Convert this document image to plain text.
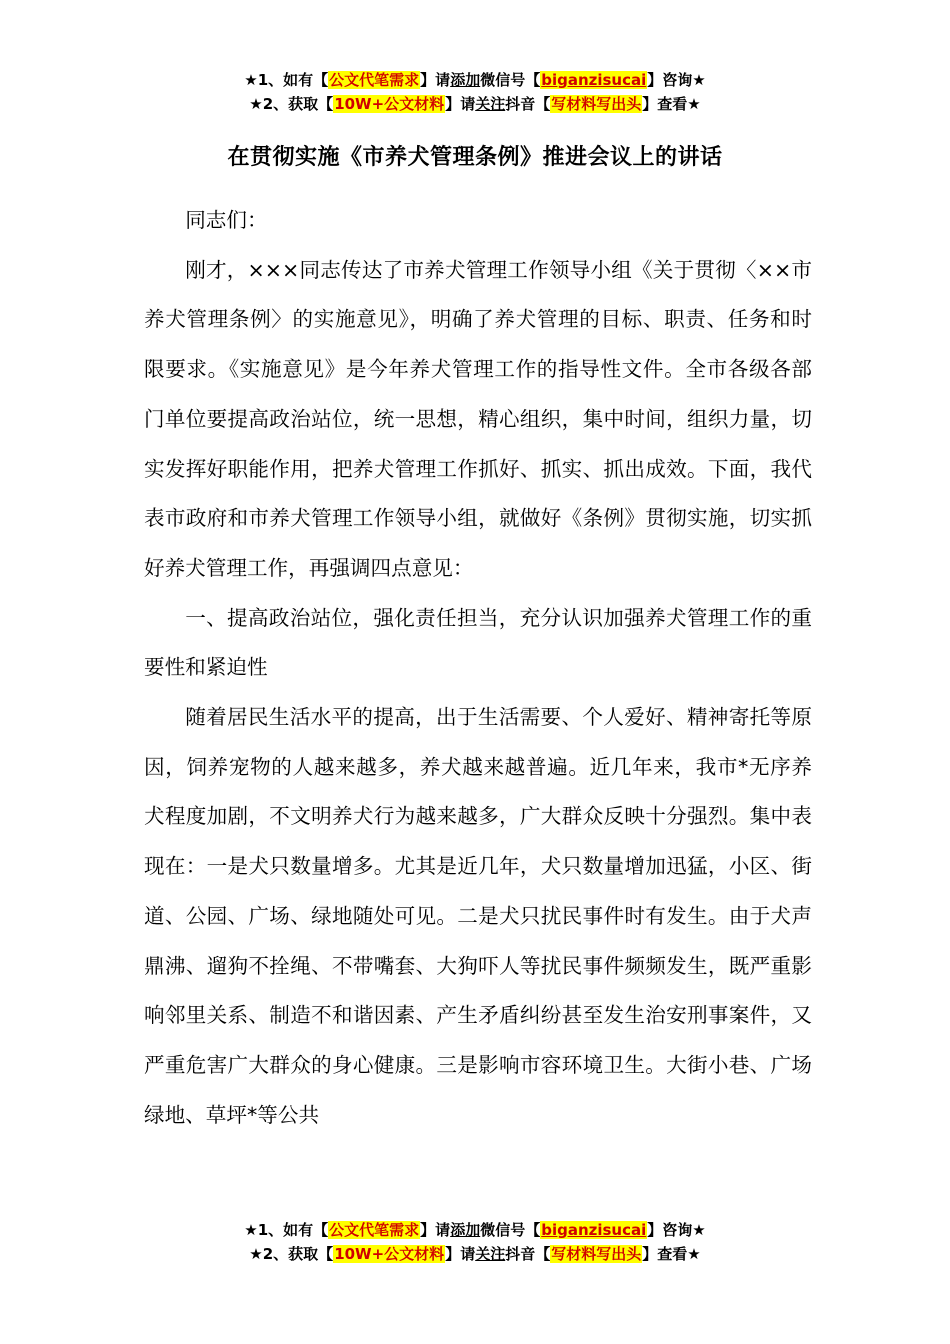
★1、如有【公文代笔需求】请添加微信号【biganzisucai】咨询★
★2、获取【10W+公文材料】请关注抖音【写材料写出头】查看★
在贯彻实施《市养犬管理条例》推进会议上的讲话

同志们：

刚才，×××同志传达了市养犬管理工作领导小组《关于贯彻〈××市养犬管理条例〉的实施意见》，明确了养犬管理的目标、职责、任务和时限要求。《实施意见》是今年养犬管理工作的指导性文件。全市各级各部门单位要提高政治站位，统一思想，精心组织，集中时间，组织力量，切实发挥好职能作用，把养犬管理工作抓好、抓实、抓出成效。下面，我代表市政府和市养犬管理工作领导小组，就做好《条例》贯彻实施，切实抓好养犬管理工作，再强调四点意见：

一、提高政治站位，强化责任担当，充分认识加强养犬管理工作的重要性和紧迫性

随着居民生活水平的提高，出于生活需要、个人爱好、精神寄托等原因，饲养宠物的人越来越多，养犬越来越普遍。近几年来，我市*无序养犬程度加剧，不文明养犬行为越来越多，广大群众反映十分强烈。集中表现在：一是犬只数量增多。尤其是近几年，犬只数量增加迅猛，小区、街道、公园、广场、绿地随处可见。二是犬只扰民事件时有发生。由于犬声鼎沸、遛狗不拴绳、不带嘴套、大狗吓人等扰民事件频频发生，既严重影响邻里关系、制造不和谐因素、产生矛盾纠纷甚至发生治安刑事案件，又严重危害广大群众的身心健康。三是影响市容环境卫生。大街小巷、广场绿地、草坪*等公共

★1、如有【公文代笔需求】请添加微信号【biganzisucai】咨询★
★2、获取【10W+公文材料】请关注抖音【写材料写出头】查看★
